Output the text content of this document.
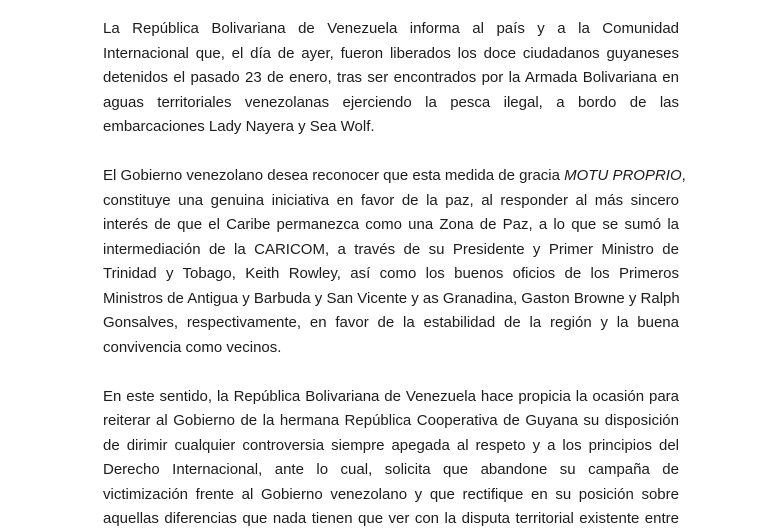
La República Bolivariana de Venezuela informa al país y a la Comunidad
Internacional que, el día de ayer, fueron liberados los doce ciudadanos guyaneses
detenidos el pasado 23 de enero, tras ser encontrados por la Armada Bolivariana en
aguas territoriales venezolanas ejerciendo la pesca ilegal, a bordo de las
embarcaciones Lady Nayera y Sea Wolf.

El Gobierno venezolano desea reconocer que esta medida de gracia MOTU PROPRIO,
constituye una genuina iniciativa en favor de la paz, al responder al más sincero
interés de que el Caribe permanezca como una Zona de Paz, a lo que se sumó la
intermediación de la CARICOM, a través de su Presidente y Primer Ministro de
Trinidad y Tobago, Keith Rowley, así como los buenos oficios de los Primeros
Ministros de Antigua y Barbuda y San Vicente y as Granadina, Gaston Browne y Ralph
Gonsalves, respectivamente, en favor de la estabilidad de la región y la buena
convivencia como vecinos.

En este sentido, la República Bolivariana de Venezuela hace propicia la ocasión para
reiterar al Gobierno de la hermana República Cooperativa de Guyana su disposición
de dirimir cualquier controversia siempre apegada al respeto y a los principios del
Derecho Internacional, ante lo cual, solicita que abandone su campaña de
victimización frente al Gobierno venezolano y que rectifique en su posición sobre
aquellas diferencias que nada tienen que ver con la disputa territorial existente entre
